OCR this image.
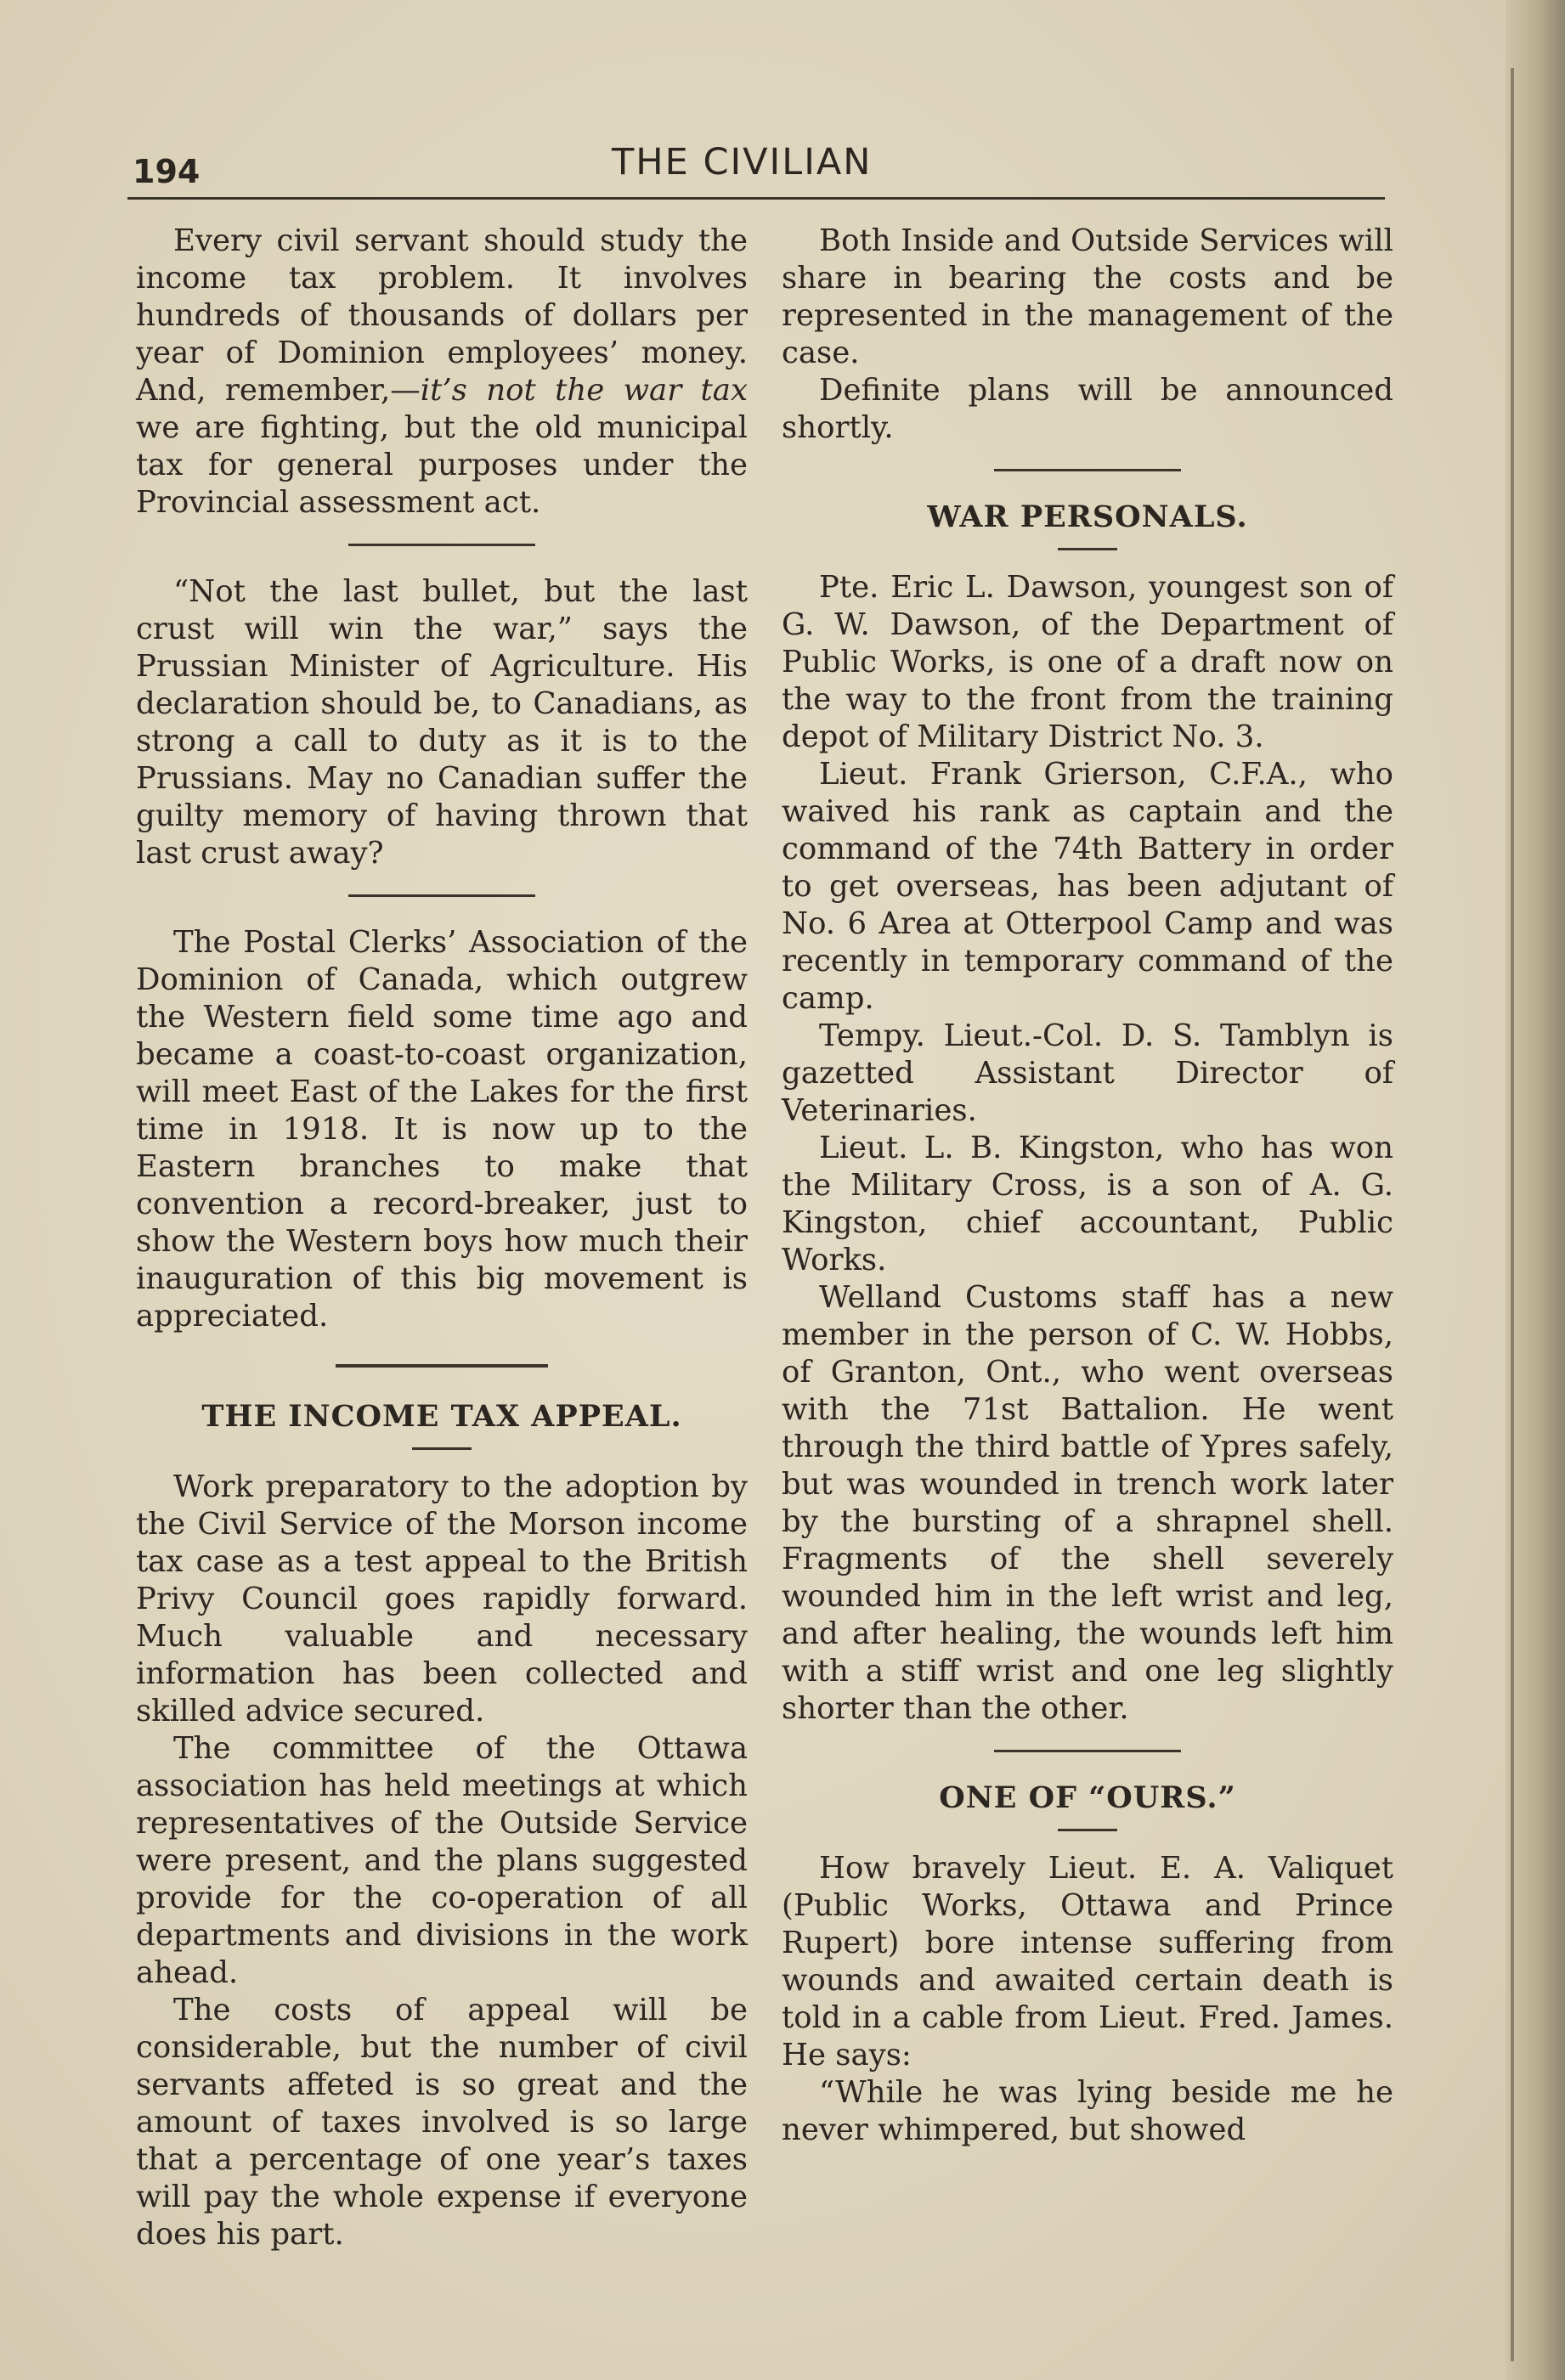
194	THE CIVILIAN

Every civil servant should study the income tax problem. It involves hundreds of thousands of dollars per year of Dominion employees’ money. And, remember,—it’s not the war tax we are fighting, but the old municipal tax for general purposes under the Provincial assessment act.

“Not the last bullet, but the last crust will win the war,” says the Prussian Minister of Agriculture. His declaration should be, to Canadians, as strong a call to duty as it is to the Prussians. May no Canadian suffer the guilty memory of having thrown that last crust away?

The Postal Clerks’ Association of the Dominion of Canada, which outgrew the Western field some time ago and became a coast-to-coast organization, will meet East of the Lakes for the first time in 1918. It is now up to the Eastern branches to make that convention a record-breaker, just to show the Western boys how much their inauguration of this big movement is appreciated.

THE INCOME TAX APPEAL.

Work preparatory to the adoption by the Civil Service of the Morson income tax case as a test appeal to the British Privy Council goes rapidly forward. Much valuable and necessary information has been collected and skilled advice secured.

The committee of the Ottawa association has held meetings at which representatives of the Outside Service were present, and the plans suggested provide for the co-operation of all departments and divisions in the work ahead.

The costs of appeal will be considerable, but the number of civil servants affeted is so great and the amount of taxes involved is so large that a percentage of one year’s taxes will pay the whole expense if everyone does his part.

Both Inside and Outside Services will share in bearing the costs and be represented in the management of the case.

Definite plans will be announced shortly.

WAR PERSONALS.

Pte. Eric L. Dawson, youngest son of G. W. Dawson, of the Department of Public Works, is one of a draft now on the way to the front from the training depot of Military District No. 3.

Lieut. Frank Grierson, C.F.A., who waived his rank as captain and the command of the 74th Battery in order to get overseas, has been adjutant of No. 6 Area at Otterpool Camp and was recently in temporary command of the camp.

Tempy. Lieut.-Col. D. S. Tamblyn is gazetted Assistant Director of Veterinaries.

Lieut. L. B. Kingston, who has won the Military Cross, is a son of A. G. Kingston, chief accountant, Public Works.

Welland Customs staff has a new member in the person of C. W. Hobbs, of Granton, Ont., who went overseas with the 71st Battalion. He went through the third battle of Ypres safely, but was wounded in trench work later by the bursting of a shrapnel shell. Fragments of the shell severely wounded him in the left wrist and leg, and after healing, the wounds left him with a stiff wrist and one leg slightly shorter than the other.

ONE OF “OURS.”

How bravely Lieut. E. A. Valiquet (Public Works, Ottawa and Prince Rupert) bore intense suffering from wounds and awaited certain death is told in a cable from Lieut. Fred. James. He says:

“While he was lying beside me he never whimpered, but showed
